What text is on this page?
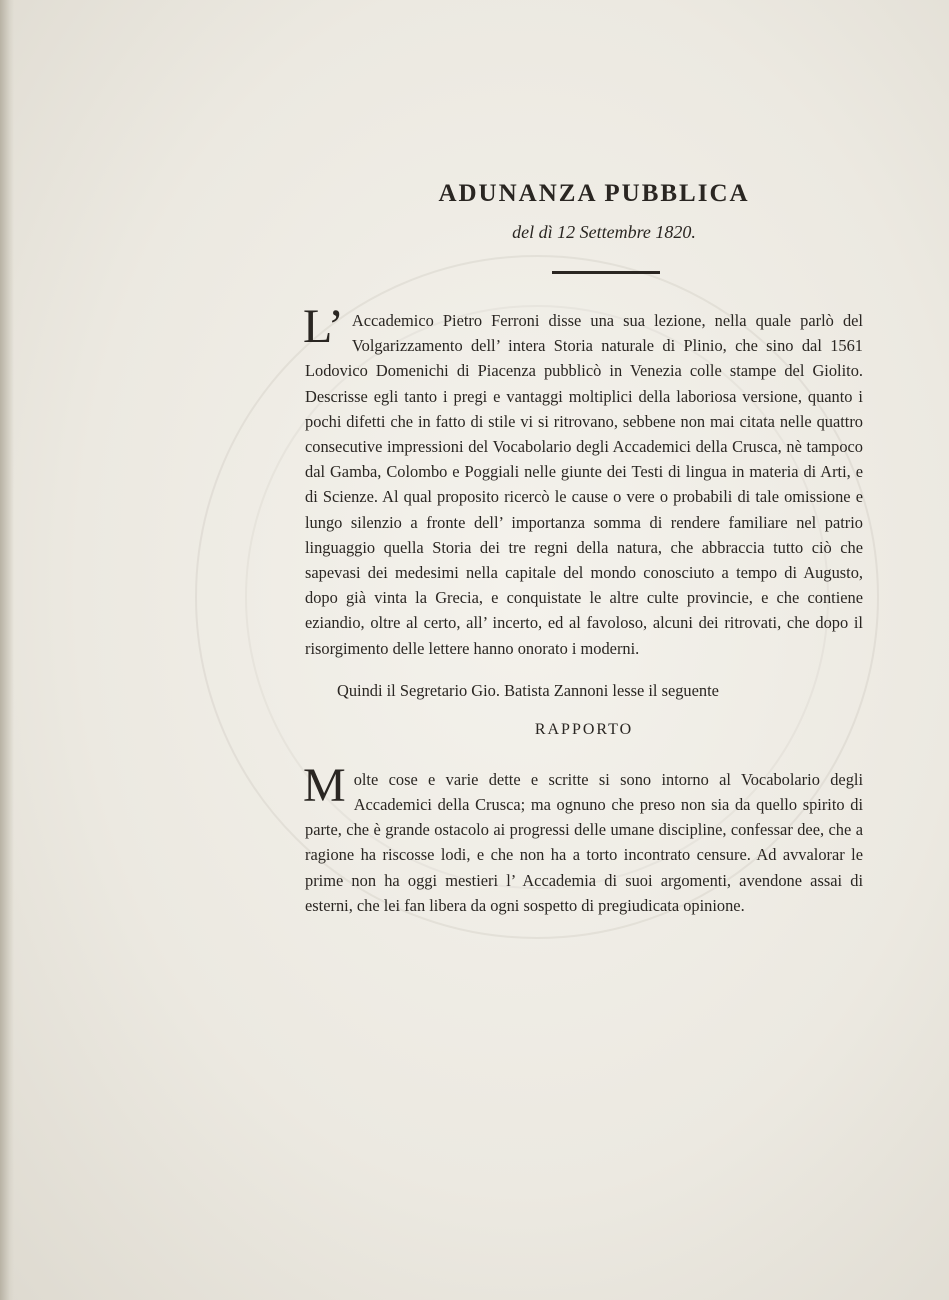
ADUNANZA PUBBLICA
del dì 12 Settembre 1820.

L’ Accademico Pietro Ferroni disse una sua lezione, nella quale parlò del Volgarizzamento dell’ intera Storia naturale di Plinio, che sino dal 1561 Lodovico Domenichi di Piacenza pubblicò in Venezia colle stampe del Giolito. Descrisse egli tanto i pregi e vantaggi moltiplici della laboriosa versione, quanto i pochi difetti che in fatto di stile vi si ritrovano, sebbene non mai citata nelle quattro consecutive impressioni del Vocabolario degli Accademici della Crusca, nè tampoco dal Gamba, Colombo e Poggiali nelle giunte dei Testi di lingua in materia di Arti, e di Scienze. Al qual proposito ricercò le cause o vere o probabili di tale omissione e lungo silenzio a fronte dell’ importanza somma di rendere familiare nel patrio linguaggio quella Storia dei tre regni della natura, che abbraccia tutto ciò che sapevasi dei medesimi nella capitale del mondo conosciuto a tempo di Augusto, dopo già vinta la Grecia, e conquistate le altre culte provincie, e che contiene eziandio, oltre al certo, all’ incerto, ed al favoloso, alcuni dei ritrovati, che dopo il risorgimento delle lettere hanno onorato i moderni.

Quindi il Segretario Gio. Batista Zannoni lesse il seguente

RAPPORTO

Molte cose e varie dette e scritte si sono intorno al Vocabolario degli Accademici della Crusca; ma ognuno che preso non sia da quello spirito di parte, che è grande ostacolo ai progressi delle umane discipline, confessar dee, che a ragione ha riscosse lodi, e che non ha a torto incontrato censure. Ad avvalorar le prime non ha oggi mestieri l’ Accademia di suoi argomenti, avendone assai di esterni, che lei fan libera da ogni sospetto di pregiudicata opinione.
